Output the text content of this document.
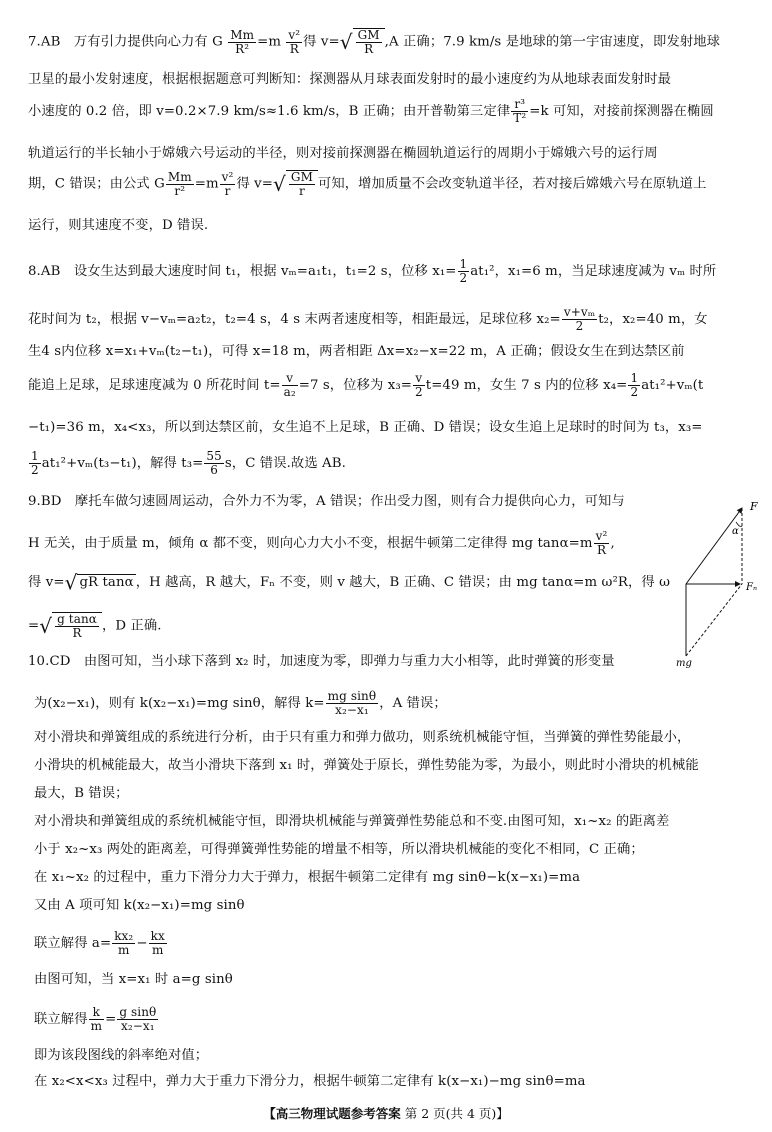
7.AB　万有引力提供向心力有 G $\frac{Mm}{\text{R²}} =m \frac{\text{v²}}{R}$ 得 $v=√ \frac{GM}{R} ,A$ 正确；7.9 km/s 是地球的第一宇宙速度，即发射地球
卫星的最小发射速度，根据根据题意可判断知：探测器从月球表面发射时的最小速度约为从地球表面发射时最
小速度的 0.2 倍，即 v=0.2×7.9 km/s≈1.6 km/s，B 正确；由开普勒第三定律 $\frac{\text{r³}}{\text{T²}} =k$ 可知，对接前探测器在椭圆
轨道运行的半长轴小于嫦娥六号运动的半径，则对接前探测器在椭圆轨道运行的周期小于嫦娥六号的运行周
期，C 错误；由公式 G $\frac{Mm}{\text{r²}} =m \frac{\text{v²}}{r}$ 得 $v=√ \frac{GM}{r}$ 可知，增加质量不会改变轨道半径，若对接后嫦娥六号在原轨道上
运行，则其速度不变，D 错误.
8.AB　设女生达到最大速度时间 t₁，根据 vₘ=a₁t₁，t₁=2 s，位移 $x_1= \frac{1}{2} at_1^2$，x₁=6 m，当足球速度减为 vₘ 时所
花时间为 t₂，根据 v−vₘ=a₂t₂，t₂=4 s，4 s 末两者速度相等，相距最远，足球位移 $x_2= \frac{\text{v+vₘ}}{2} t_2$，x₂=40 m，女
生4 s内位移 x=x₁+vₘ(t₂−t₁)，可得 x=18 m，两者相距 Δx=x₂−x=22 m，A 正确；假设女生在到达禁区前
能追上足球，足球速度减为 0 所花时间 $t= \frac{v}{\text{a₂}} =7$ s，位移为 $x_3= \frac{v}{2} t=49$ m，女生 7 s 内的位移 $x_4= \frac{1}{2} at_1^2+v_m(t$
−t₁)=36 m，x₄<x₃，所以到达禁区前，女生追不上足球，B 正确、D 错误；设女生追上足球时的时间为 t₃，x₃=
$\frac{1}{2} at_1^2+v_m(t_3-t_1)$，解得 $t_3= \frac{55}{6}$ s，C 错误.故选 AB.
9.BD　摩托车做匀速圆周运动，合外力不为零，A 错误；作出受力图，则有合力提供向心力，可知与
H 无关，由于质量 m，倾角 α 都不变，则向心力大小不变，根据牛顿第二定律得 mg $\tan\alpha=m \frac{\text{v²}}{R}$ ,
得 v=√ gR tanα ，H 越高，R 越大，Fₙ 不变，则 v 越大，B 正确、C 错误；由 mg tanα=m ω²R，得 ω
=√ $\frac{\text{g tanα}}{R}$ ，D 正确.
F
α
Fₙ
mg
10.CD　由图可知，当小球下落到 x₂ 时，加速度为零，即弹力与重力大小相等，此时弹簧的形变量
为(x₂−x₁)，则有 k(x₂−x₁)=mg sinθ，解得 $k= \frac{\text{mg sinθ}}{\text{x₂−x₁}}$ ，A 错误；
对小滑块和弹簧组成的系统进行分析，由于只有重力和弹力做功，则系统机械能守恒，当弹簧的弹性势能最小，
小滑块的机械能最大，故当小滑块下落到 x₁ 时，弹簧处于原长，弹性势能为零，为最小，则此时小滑块的机械能
最大，B 错误；
对小滑块和弹簧组成的系统机械能守恒，即滑块机械能与弹簧弹性势能总和不变.由图可知，x₁~x₂ 的距离差
小于 x₂~x₃ 两处的距离差，可得弹簧弹性势能的增量不相等，所以滑块机械能的变化不相同，C 正确；
在 x₁~x₂ 的过程中，重力下滑分力大于弹力，根据牛顿第二定律有 mg sinθ−k(x−x₁)=ma
又由 A 项可知 k(x₂−x₁)=mg sinθ
联立解得 $a= \frac{\text{kx₂}}{m} - \frac{kx}{m}$
由图可知，当 x=x₁ 时 a=g sinθ
联立解得 $\frac{k}{m} = \frac{\text{g sinθ}}{\text{x₂−x₁}}$
即为该段图线的斜率绝对值；
在 x₂<x<x₃ 过程中，弹力大于重力下滑分力，根据牛顿第二定律有 k(x−x₁)−mg sinθ=ma
【高三物理试题参考答案 第 2 页(共 4 页)】
